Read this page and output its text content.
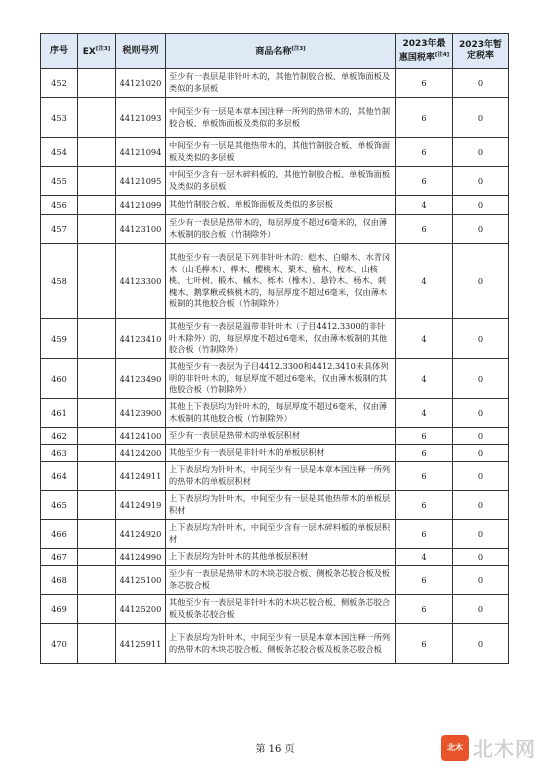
序号	EX[注3]	税则号列	商品名称[注3]	2023年最惠国税率[注4]	2023年暂定税率
452		44121020	至少有一表层是非针叶木的，其他竹制胶合板、单板饰面板及类似的多层板	6	0
453		44121093	中间至少有一层是本章本国注释一所列的热带木的，其他竹制胶合板、单板饰面板及类似的多层板	6	0
454		44121094	中间至少有一层是其他热带木的，其他竹制胶合板、单板饰面板及类似的多层板	6	0
455		44121095	中间至少含有一层木碎料板的，其他竹制胶合板、单板饰面板及类似的多层板	6	0
456		44121099	其他竹制胶合板、单板饰面板及类似的多层板	4	0
457		44123100	至少有一表层是热带木的，每层厚度不超过6毫米的，仅由薄木板制的胶合板（竹制除外）	6	0
458		44123300	其他至少有一表层是下列非针叶木的：桤木、白蜡木、水青冈木（山毛榉木）、桦木、樱桃木、栗木、榆木、桉木、山核桃、七叶树、椴木、槭木、栎木（橡木）、悬铃木、杨木、刺槐木、鹅掌楸或核桃木的，每层厚度不超过6毫米，仅由薄木板制的其他胶合板（竹制除外）	4	0
459		44123410	其他至少有一表层是温带非针叶木（子目4412.3300的非针叶木除外）的，每层厚度不超过6毫米，仅由薄木板制的其他胶合板（竹制除外）	4	0
460		44123490	其他至少有一表层为子目4412.3300和4412.3410未具体列明的非针叶木的，每层厚度不超过6毫米，仅由薄木板制的其他胶合板（竹制除外）	4	0
461		44123900	其他上下表层均为针叶木的，每层厚度不超过6毫米，仅由薄木板制的其他胶合板（竹制除外）	4	0
462		44124100	至少有一表层是热带木的单板层积材	6	0
463		44124200	其他至少有一表层是非针叶木的单板层积材	6	0
464		44124911	上下表层均为针叶木，中间至少有一层是本章本国注释一所列的热带木的单板层积材	6	0
465		44124919	上下表层均为针叶木，中间至少有一层是其他热带木的单板层积材	6	0
466		44124920	上下表层均为针叶木，中间至少含有一层木碎料板的单板层积材	6	0
467		44124990	上下表层均为针叶木的其他单板层积材	4	0
468		44125100	至少有一表层是热带木的木块芯胶合板、侧板条芯胶合板及板条芯胶合板	6	0
469		44125200	其他至少有一表层是非针叶木的木块芯胶合板、侧板条芯胶合板及板条芯胶合板	6	0
470		44125911	上下表层均为针叶木，中间至少有一层是本章本国注释一所列的热带木的木块芯胶合板、侧板条芯胶合板及板条芯胶合板	6	0
第 16 页	北木 北木网
